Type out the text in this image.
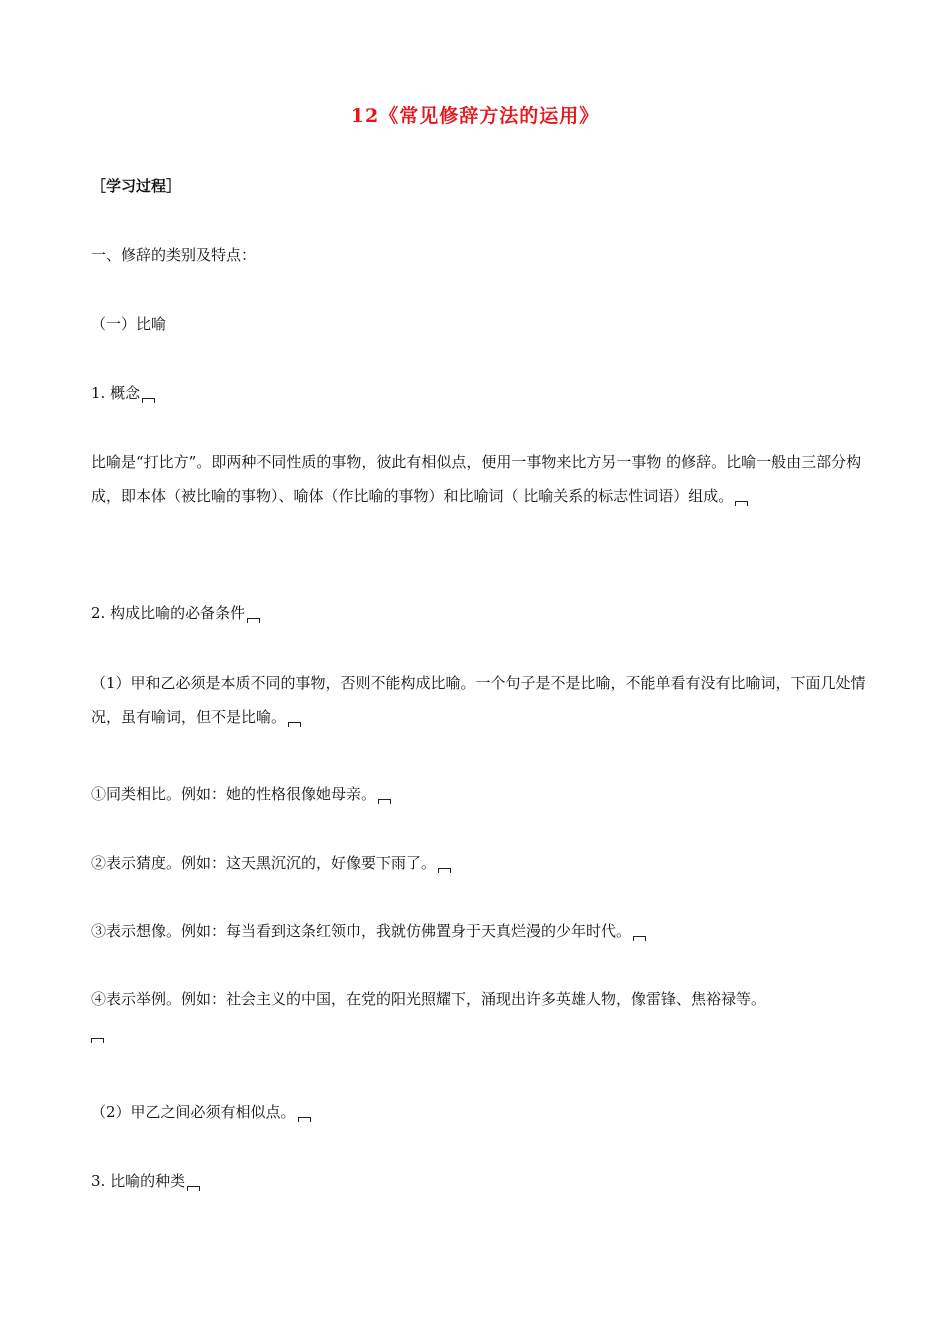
12《常见修辞方法的运用》
［学习过程］
一、修辞的类别及特点：
（一）比喻
1. 概念
比喻是“打比方”。即两种不同性质的事物，彼此有相似点，便用一事物来比方另一事物 的修辞。比喻一般由三部分构成，即本体（被比喻的事物）、喻体（作比喻的事物）和比喻词（ 比喻关系的标志性词语）组成。
2. 构成比喻的必备条件
（1）甲和乙必须是本质不同的事物，否则不能构成比喻。一个句子是不是比喻，不能单看有没有比喻词，下面几处情况，虽有喻词，但不是比喻。
①同类相比。例如：她的性格很像她母亲。
②表示猜度。例如：这天黑沉沉的，好像要下雨了。
③表示想像。例如：每当看到这条红领巾，我就仿佛置身于天真烂漫的少年时代。
④表示举例。例如：社会主义的中国，在党的阳光照耀下，涌现出许多英雄人物，像雷锋、焦裕禄等。

（2）甲乙之间必须有相似点。
3. 比喻的种类
